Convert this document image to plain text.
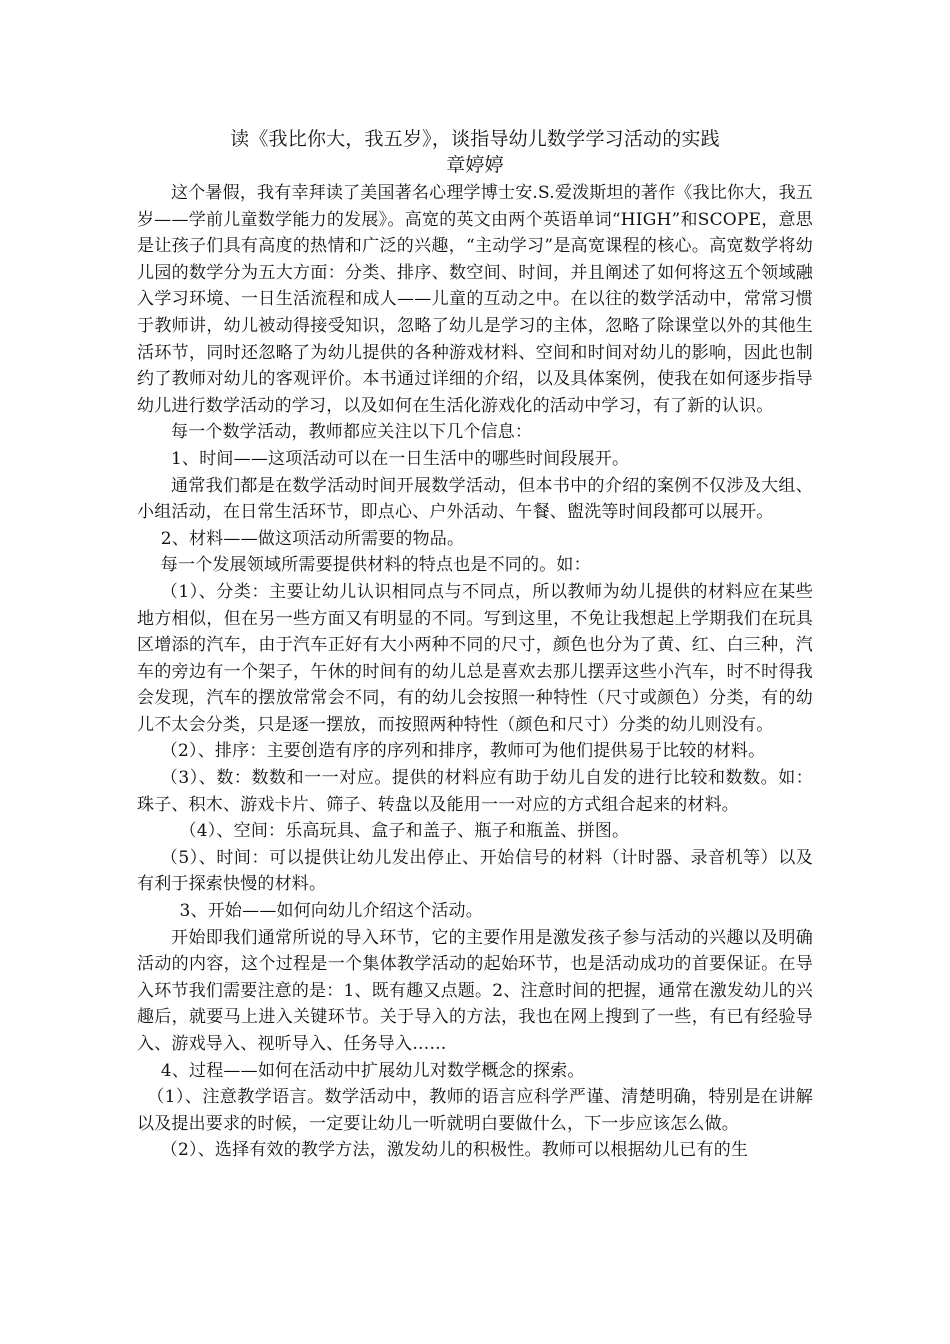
读《我比你大，我五岁》，谈指导幼儿数学学习活动的实践

章婷婷

这个暑假，我有幸拜读了美国著名心理学博士安.S.爱泼斯坦的著作《我比你大，我五岁——学前儿童数学能力的发展》。高宽的英文由两个英语单词“HIGH”和SCOPE，意思是让孩子们具有高度的热情和广泛的兴趣，“主动学习”是高宽课程的核心。高宽数学将幼儿园的数学分为五大方面：分类、排序、数空间、时间，并且阐述了如何将这五个领域融入学习环境、一日生活流程和成人——儿童的互动之中。在以往的数学活动中，常常习惯于教师讲，幼儿被动得接受知识，忽略了幼儿是学习的主体，忽略了除课堂以外的其他生活环节，同时还忽略了为幼儿提供的各种游戏材料、空间和时间对幼儿的影响，因此也制约了教师对幼儿的客观评价。本书通过详细的介绍，以及具体案例，使我在如何逐步指导幼儿进行数学活动的学习，以及如何在生活化游戏化的活动中学习，有了新的认识。

每一个数学活动，教师都应关注以下几个信息：

1、时间——这项活动可以在一日生活中的哪些时间段展开。

通常我们都是在数学活动时间开展数学活动，但本书中的介绍的案例不仅涉及大组、小组活动，在日常生活环节，即点心、户外活动、午餐、盥洗等时间段都可以展开。

2、材料——做这项活动所需要的物品。

每一个发展领域所需要提供材料的特点也是不同的。如：

（1）、分类：主要让幼儿认识相同点与不同点，所以教师为幼儿提供的材料应在某些地方相似，但在另一些方面又有明显的不同。写到这里，不免让我想起上学期我们在玩具区增添的汽车，由于汽车正好有大小两种不同的尺寸，颜色也分为了黄、红、白三种，汽车的旁边有一个架子，午休的时间有的幼儿总是喜欢去那儿摆弄这些小汽车，时不时得我会发现，汽车的摆放常常会不同，有的幼儿会按照一种特性（尺寸或颜色）分类，有的幼儿不太会分类，只是逐一摆放，而按照两种特性（颜色和尺寸）分类的幼儿则没有。

（2）、排序：主要创造有序的序列和排序，教师可为他们提供易于比较的材料。

（3）、数：数数和一一对应。提供的材料应有助于幼儿自发的进行比较和数数。如：珠子、积木、游戏卡片、筛子、转盘以及能用一一对应的方式组合起来的材料。

（4）、空间：乐高玩具、盒子和盖子、瓶子和瓶盖、拼图。

（5）、时间：可以提供让幼儿发出停止、开始信号的材料（计时器、录音机等）以及有利于探索快慢的材料。

3、开始——如何向幼儿介绍这个活动。

开始即我们通常所说的导入环节，它的主要作用是激发孩子参与活动的兴趣以及明确活动的内容，这个过程是一个集体教学活动的起始环节，也是活动成功的首要保证。在导入环节我们需要注意的是：1、既有趣又点题。2、注意时间的把握，通常在激发幼儿的兴趣后，就要马上进入关键环节。关于导入的方法，我也在网上搜到了一些，有已有经验导入、游戏导入、视听导入、任务导入……

4、过程——如何在活动中扩展幼儿对数学概念的探索。

（1）、注意教学语言。数学活动中，教师的语言应科学严谨、清楚明确，特别是在讲解以及提出要求的时候，一定要让幼儿一听就明白要做什么，下一步应该怎么做。

（2）、选择有效的教学方法，激发幼儿的积极性。教师可以根据幼儿已有的生
